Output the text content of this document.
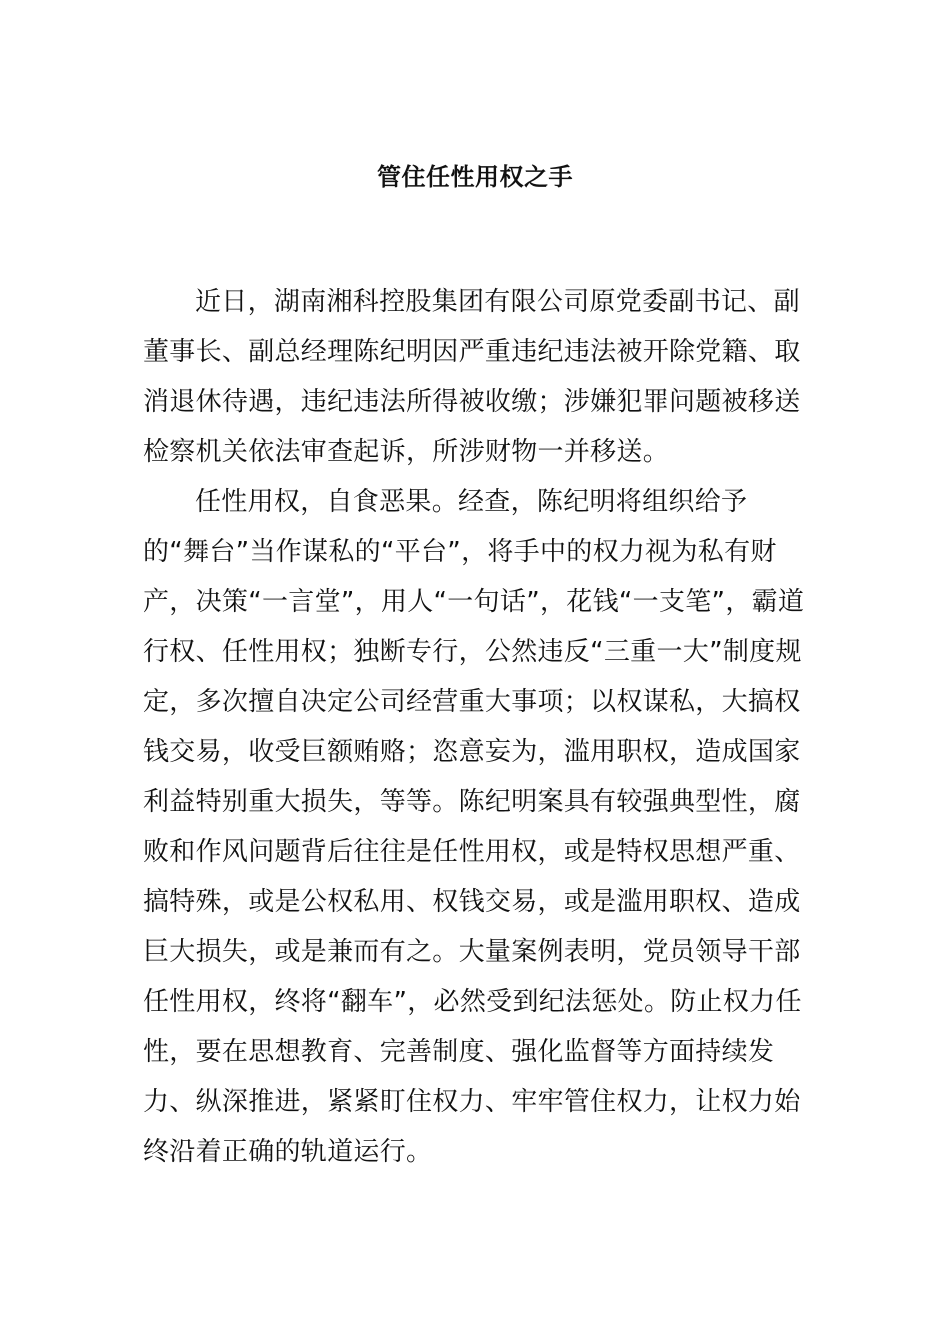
管住任性用权之手

近日，湖南湘科控股集团有限公司原党委副书记、副董事长、副总经理陈纪明因严重违纪违法被开除党籍、取消退休待遇，违纪违法所得被收缴；涉嫌犯罪问题被移送检察机关依法审查起诉，所涉财物一并移送。

任性用权，自食恶果。经查，陈纪明将组织给予的“舞台”当作谋私的“平台”，将手中的权力视为私有财产，决策“一言堂”，用人“一句话”，花钱“一支笔”，霸道行权、任性用权；独断专行，公然违反“三重一大”制度规定，多次擅自决定公司经营重大事项；以权谋私，大搞权钱交易，收受巨额贿赂；恣意妄为，滥用职权，造成国家利益特别重大损失，等等。陈纪明案具有较强典型性，腐败和作风问题背后往往是任性用权，或是特权思想严重、搞特殊，或是公权私用、权钱交易，或是滥用职权、造成巨大损失，或是兼而有之。大量案例表明，党员领导干部任性用权，终将“翻车”，必然受到纪法惩处。防止权力任性，要在思想教育、完善制度、强化监督等方面持续发力、纵深推进，紧紧盯住权力、牢牢管住权力，让权力始终沿着正确的轨道运行。
